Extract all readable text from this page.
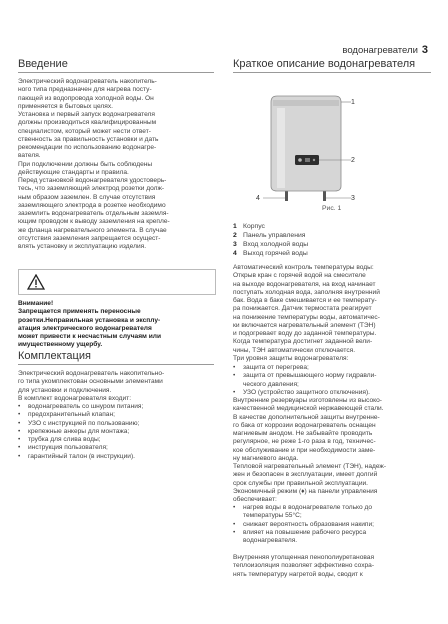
водонагреватели 3
Введение
Электрический водонагреватель накопитель-
ного типа предназначен для нагрева посту-
пающей из водопровода холодной воды. Он
применяется в бытовых целях.
Установка и первый запуск водонагревателя
должны производиться квалифицированным
специалистом, который может нести ответ-
ственность за правильность установки и дать
рекомендации по использованию водонагре-
вателя.
При подключении должны быть соблюдены
действующие стандарты и правила.
Перед установкой водонагревателя удостоверь-
тесь, что заземляющий электрод розетки долж-
ным образом заземлен. В случае отсутствия
заземляющего электрода в розетке необходимо
заземлить водонагреватель отдельным заземля-
ющим проводом к выводу заземления на крепле-
же фланца нагревательного элемента. В случае
отсутствия заземления запрещается осущест-
влять установку и эксплуатацию изделия.
Внимание!
Запрещается применять переносные
розетки.Неправильная установка и эксплу-
атация электрического водонагревателя
может привести к несчастным случаям или
имущественному ущербу.
Комплектация
Электрический водонагреватель накопительно-
го типа укомплектован основными элементами
для установки и подключения.
В комплект водонагревателя входит:
• водонагреватель со шнуром питания;
• предохранительный клапан;
• УЗО с инструкцией по пользованию;
• крепежные анкеры для монтажа;
• трубка для слива воды;
• инструкция пользователя;
• гарантийный талон (в инструкции).
Краткое описание водонагревателя
1
2
3
4
Рис. 1
1 Корпус
2 Панель управления
3 Вход холодной воды
4 Выход горячей воды
Автоматический контроль температуры воды:
Открыв кран с горячей водой на смесителе
на выходе водонагревателя, на вход начинает
поступать холодная вода, заполняя внутренний
бак. Вода в баке смешивается и ее температу-
ра понижается. Датчик термостата реагирует
на понижение температуры воды, автоматичес-
ки включается нагревательный элемент (ТЭН)
и подогревает воду до заданной температуры.
Когда температура достигнет заданной вели-
чины, ТЭН автоматически отключается.
Три уровня защиты водонагревателя:
• защита от перегрева;
• защита от превышающего норму гидравли-
ческого давления;
• УЗО (устройство защитного отключения).
Внутренние резервуары изготовлены из высоко-
качественной медицинской нержавеющей стали.
В качестве дополнительной защиты внутренне-
го бака от коррозии водонагреватель оснащен
магниевым анодом. Не забывайте проводить
регулярное, не реже 1-го раза в год, техничес-
кое обслуживание и при необходимости заме-
ну магниевого анода.
Тепловой нагревательный элемент (ТЭН), надеж-
жен и безопасен в эксплуатации, имеет долгий
срок службы при правильной эксплуатации.
Экономичный режим (♦) на панели управления
обеспечивает:
• нагрев воды в водонагревателе только до
температуры 55°C;
• снижает вероятность образования накипи;
• влияет на повышение рабочего ресурса
водонагревателя.
Внутренняя утолщенная пенополиуретановая
теплоизоляция позволяет эффективно сохра-
нять температуру нагретой воды, сводит к
